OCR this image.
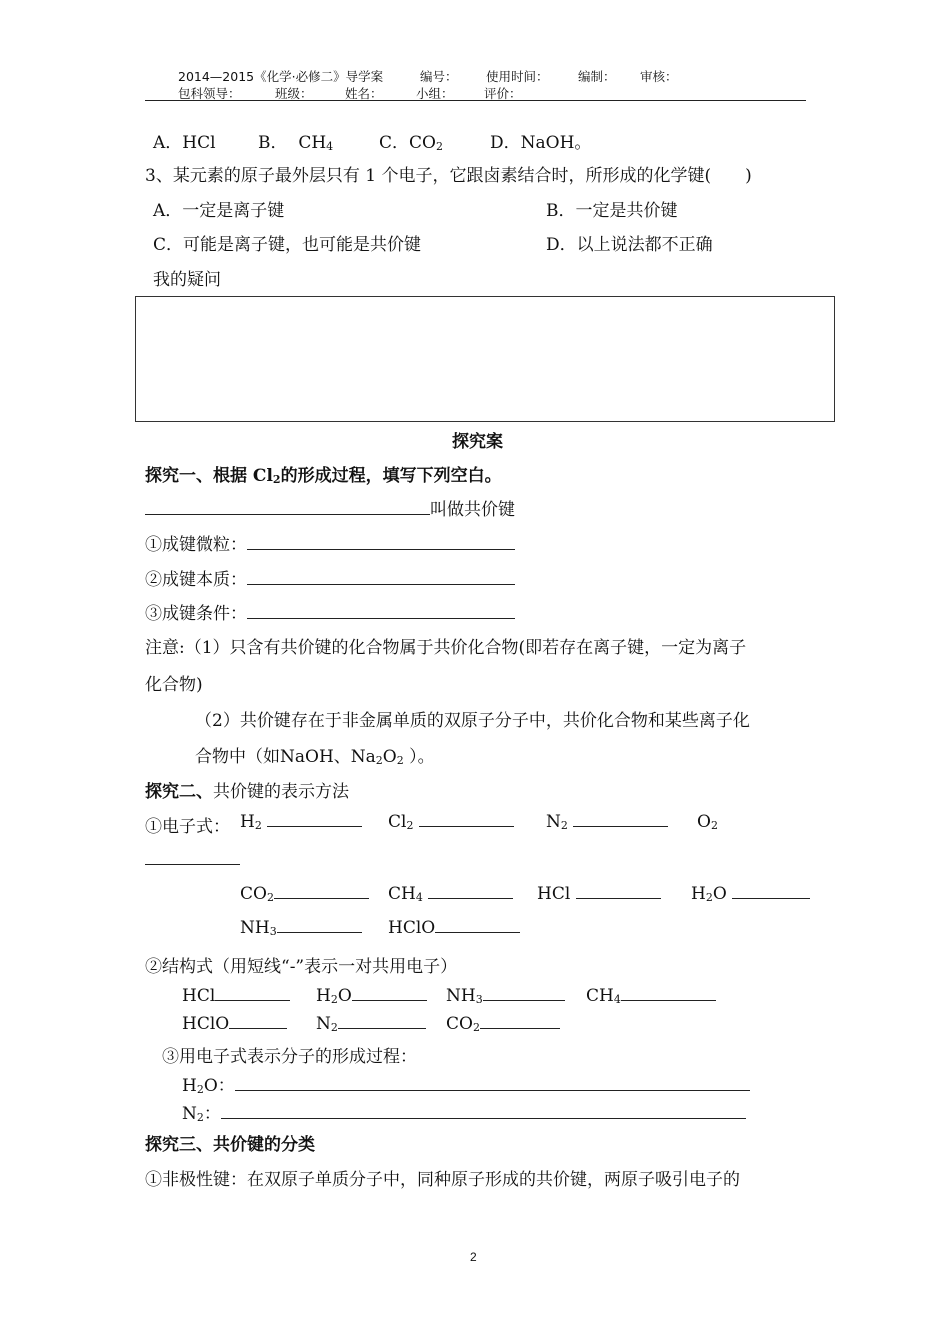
2014—2015《化学·必修二》导学案	编号： 使用时间： 编制： 审核：
包科领导：	班级：	姓名：	小组： 评价：
A．HCl B． $CH_4$	C．$CO_2$	D．NaOH。
3、某元素的原子最外层只有 1 个电子，它跟卤素结合时，所形成的化学键(　　)
A．一定是离子键	B．一定是共价键
C．可能是离子键，也可能是共价键	D．以上说法都不正确
我的疑问
探究案
探究一、根据 $Cl_2$的形成过程，填写下列空白。
叫做共价键
①成键微粒：
②成键本质：
③成键条件：
注意:（1）只含有共价键的化合物属于共价化合物(即若存在离子键，一定为离子
化合物)
（2）共价键存在于非金属单质的双原子分子中，共价化合物和某些离子化
合物中（如NaOH、$Na_2O_2$ ）。
探究二、共价键的表示方法
①电子式： $H_2$	$Cl_2$	$N_2$	$O_2$
$CO_2$	$CH_4$	HCl	$H_2O$
$NH_3$	HClO
②结构式（用短线“-”表示一对共用电子）
HCl	$H_2O$	$NH_3$	$CH_4$
HClO	$N_2$	$CO_2$
③用电子式表示分子的形成过程：
$H_2O$：
$N_2$：
探究三、共价键的分类
①非极性键：在双原子单质分子中，同种原子形成的共价键，两原子吸引电子的
2
